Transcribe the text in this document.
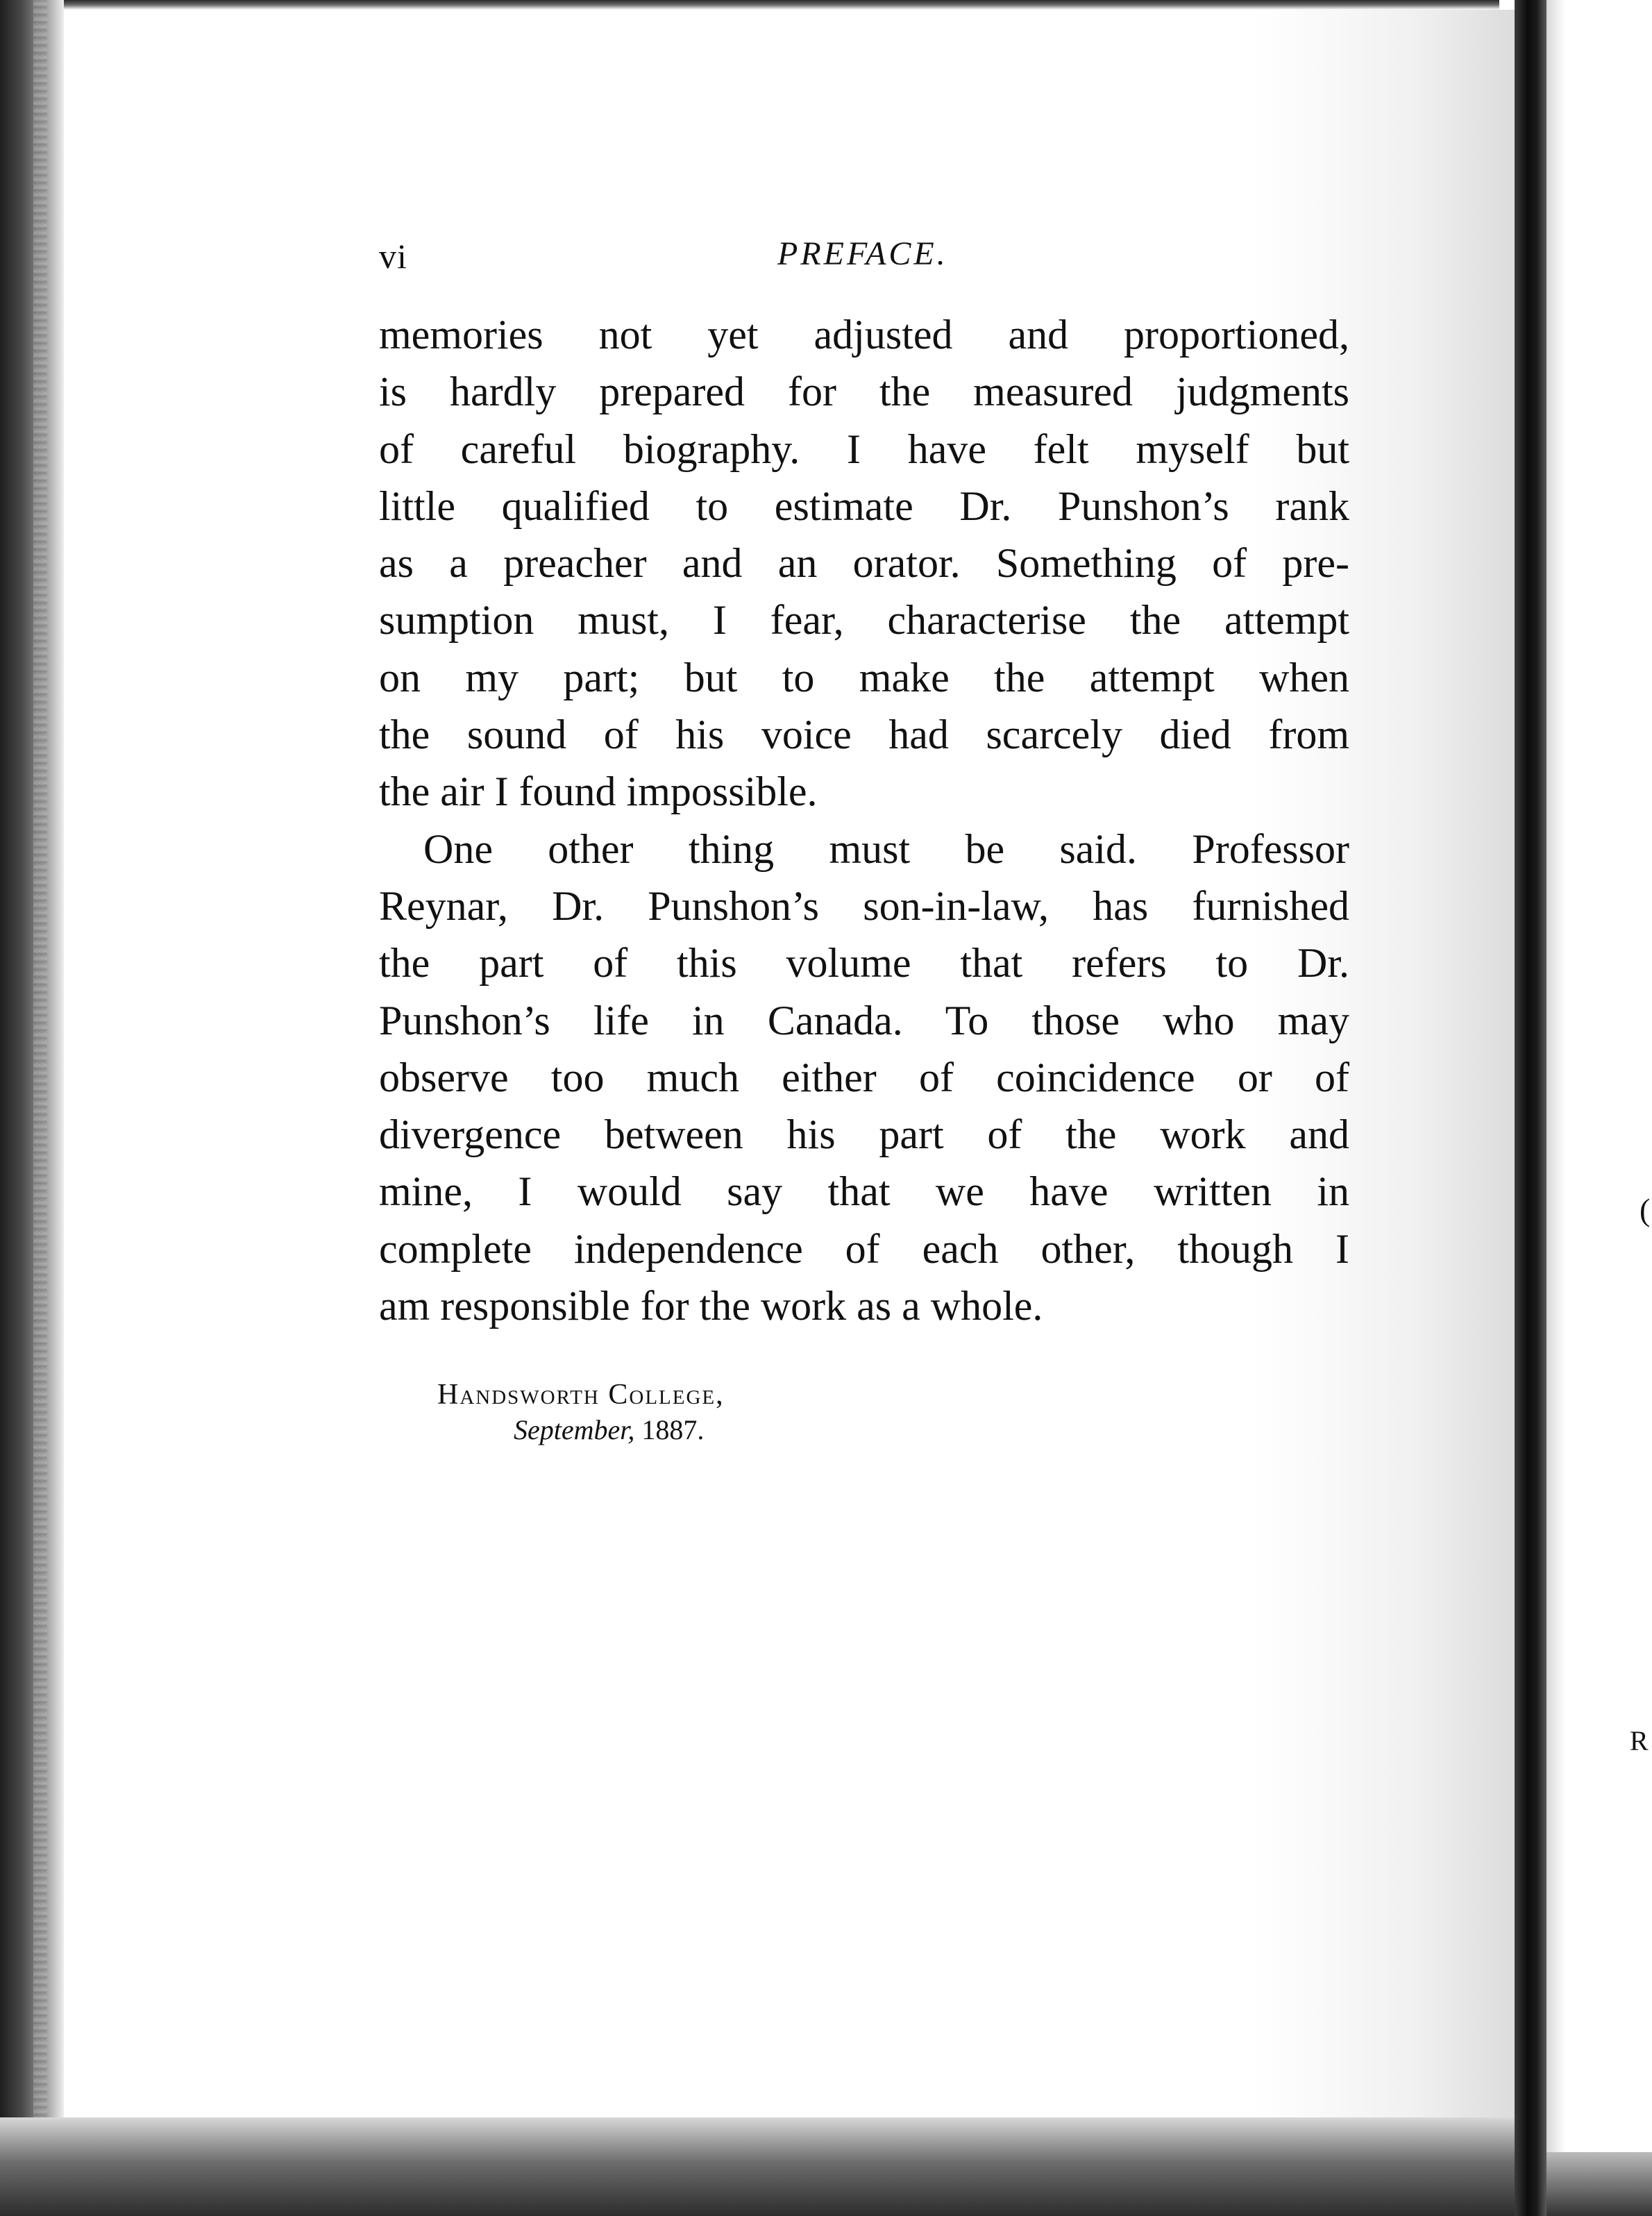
(
R
vi	PREFACE.
memories not yet adjusted and proportioned,
is hardly prepared for the measured judgments
of careful biography. I have felt myself but
little qualified to estimate Dr. Punshon’s rank
as a preacher and an orator. Something of pre-
sumption must, I fear, characterise the attempt
on my part; but to make the attempt when
the sound of his voice had scarcely died from
the air I found impossible.
One other thing must be said. Professor
Reynar, Dr. Punshon’s son-in-law, has furnished
the part of this volume that refers to Dr.
Punshon’s life in Canada. To those who may
observe too much either of coincidence or of
divergence between his part of the work and
mine, I would say that we have written in
complete independence of each other, though I
am responsible for the work as a whole.
Handsworth College,
September, 1887.
